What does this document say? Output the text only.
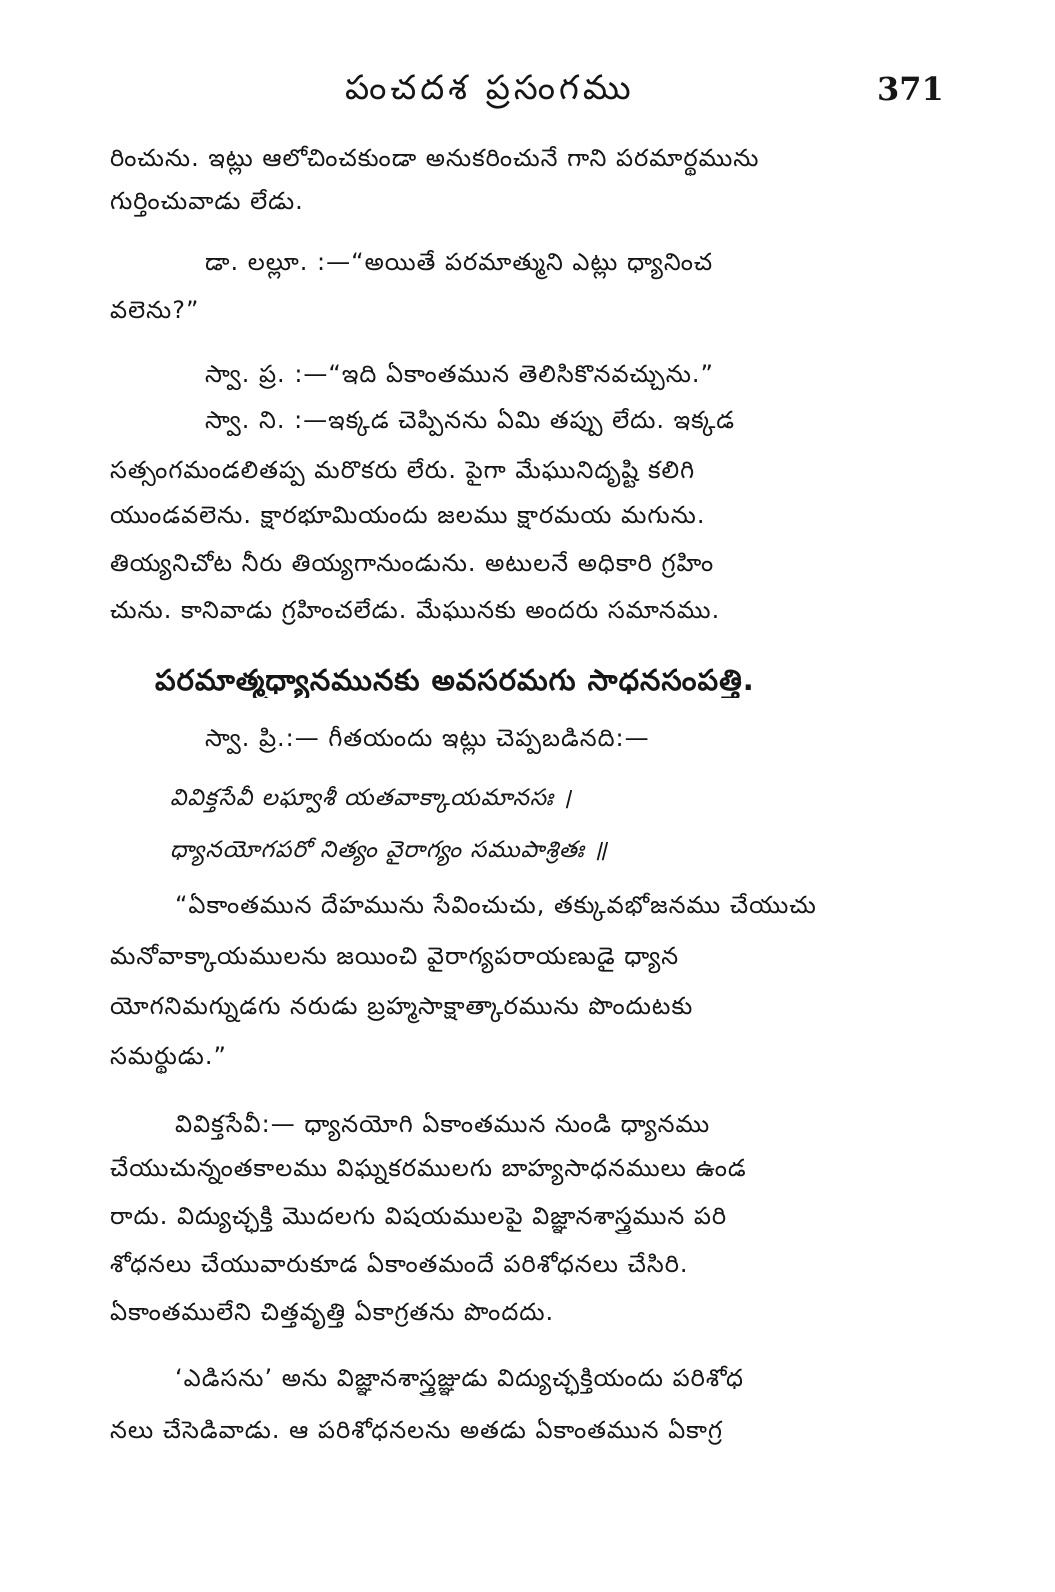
పంచదశ ప్రసంగము	371
రించును. ఇట్లు ఆలోచించకుండా అనుకరించునే గాని పరమార్థమును
గుర్తించువాడు లేడు.
డా. లల్లూ. :—“అయితే పరమాత్ముని ఎట్లు ధ్యానించ
వలెను?”
స్వా. ప్ర. :—“ఇది ఏకాంతమున తెలిసికొనవచ్చును.”
స్వా. ని. :—ఇక్కడ చెప్పినను ఏమి తప్పు లేదు. ఇక్కడ
సత్సంగమండలితప్ప మరొకరు లేరు. పైగా మేఘునిదృష్టి కలిగి
యుండవలెను. క్షారభూమియందు జలము క్షారమయ మగును.
తియ్యనిచోట నీరు తియ్యగానుండును. అటులనే అధికారి గ్రహిం
చును. కానివాడు గ్రహించలేడు. మేఘునకు అందరు సమానము.
పరమాత్మధ్యానమునకు అవసరమగు సాధనసంపత్తి.
స్వా. ప్రి.:— గీతయందు ఇట్లు చెప్పబడినది:—
వివిక్తసేవీ లఘ్వాశీ యతవాక్కాయమానసః ।
ధ్యానయోగపరో నిత్యం వైరాగ్యం సముపాశ్రితః ॥
“ఏకాంతమున దేహమును సేవించుచు, తక్కువభోజనము చేయుచు
మనోవాక్కాయములను జయించి వైరాగ్యపరాయణుడై ధ్యాన
యోగనిమగ్నుడగు నరుడు బ్రహ్మసాక్షాత్కారమును పొందుటకు
సమర్థుడు.”
వివిక్తసేవీ:— ధ్యానయోగి ఏకాంతమున నుండి ధ్యానము
చేయుచున్నంతకాలము విఘ్నకరములగు బాహ్యసాధనములు ఉండ
రాదు. విద్యుచ్ఛక్తి మొదలగు విషయములపై విజ్ఞానశాస్త్రమున పరి
శోధనలు చేయువారుకూడ ఏకాంతమందే పరిశోధనలు చేసిరి.
ఏకాంతములేని చిత్తవృత్తి ఏకాగ్రతను పొందదు.
‘ఎడిసను’ అను విజ్ఞానశాస్త్రజ్ఞుడు విద్యుచ్ఛక్తియందు పరిశోధ
నలు చేసెడివాడు. ఆ పరిశోధనలను అతడు ఏకాంతమున ఏకాగ్ర
